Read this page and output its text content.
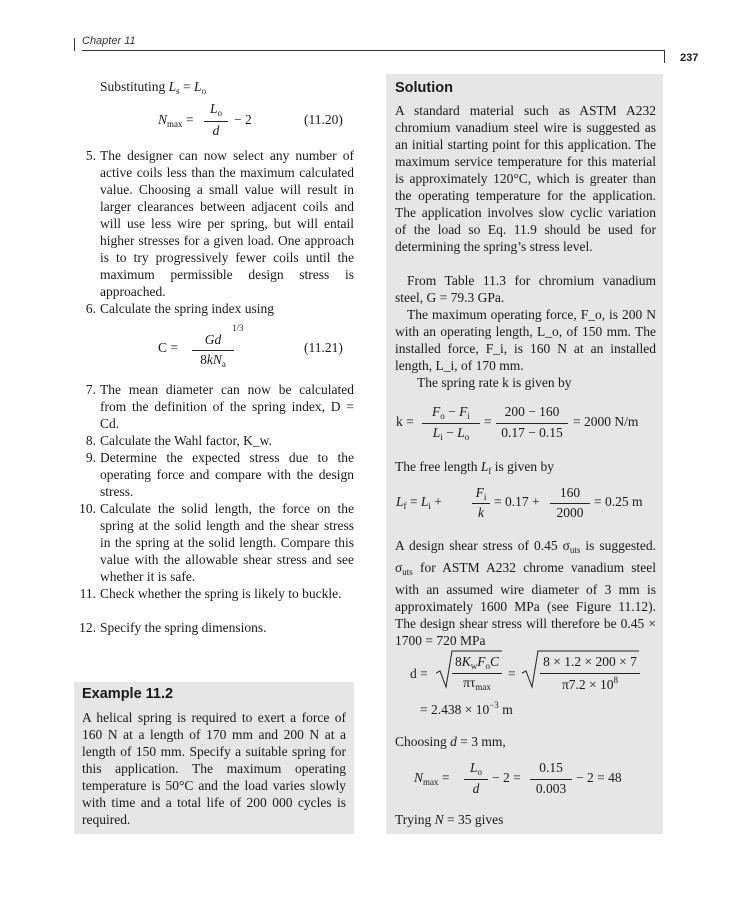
Chapter 11
237
Substituting $L_s = L_o$
$N_{max}$ =
$L_o$
d
− 2	(11.20)
5. The designer can now select any number of active coils less than the maximum calculated value. Choosing a small value will result in larger clearances between adjacent coils and will use less wire per spring, but will entail higher stresses for a given load. One approach is to try progressively fewer coils until the maximum permissible design stress is approached.
6. Calculate the spring index using
C =
Gd
$8kN_a$
1/3
(11.21)
7. The mean diameter can now be calculated from the definition of the spring index, D = Cd.
8. Calculate the Wahl factor, K_w.
9. Determine the expected stress due to the operating force and compare with the design stress.
10. Calculate the solid length, the force on the spring at the solid length and the shear stress in the spring at the solid length. Compare this value with the allowable shear stress and see whether it is safe.
11. Check whether the spring is likely to buckle.
12. Specify the spring dimensions.
Example 11.2
A helical spring is required to exert a force of 160 N at a length of 170 mm and 200 N at a length of 150 mm. Specify a suitable spring for this application. The maximum operating temperature is 50°C and the load varies slowly with time and a total life of 200 000 cycles is required.
Solution
A standard material such as ASTM A232 chromium vanadium steel wire is suggested as an initial starting point for this application. The maximum service temperature for this material is approximately 120°C, which is greater than the operating temperature for the application. The application involves slow cyclic variation of the load so Eq. 11.9 should be used for determining the spring’s stress level.
From Table 11.3 for chromium vanadium steel, G = 79.3 GPa.
The maximum operating force, F_o, is 200 N with an operating length, L_o, of 150 mm. The installed force, F_i, is 160 N at an installed length, L_i, of 170 mm.
The spring rate k is given by
k =
$F_o - F_i$
$L_i - L_o$
=
200 − 160
0.17 − 0.15
= 2000 N/m
The free length $L_f$ is given by
$L_f = L_i$ +
$F_i$
k
= 0.17 +
160
2000
= 0.25 m
A design shear stress of 0.45 $\sigma_{uts}$ is suggested. $\sigma_{uts}$ for ASTM A232 chrome vanadium steel with an assumed wire diameter of 3 mm is approximately 1600 MPa (see Figure 11.12). The design shear stress will therefore be 0.45 × 1700 = 720 MPa
d =
$8K_wF_oC$
$\pi\tau_{max}$
=
8 × 1.2 × 200 × 7
$\pi 7.2 \times 10^8$
= $2.438 \times 10^{-3}$ m
Choosing d = 3 mm,
$N_{max}$ =
$L_o$
d
− 2 =
0.15
0.003
− 2 = 48
Trying N = 35 gives
